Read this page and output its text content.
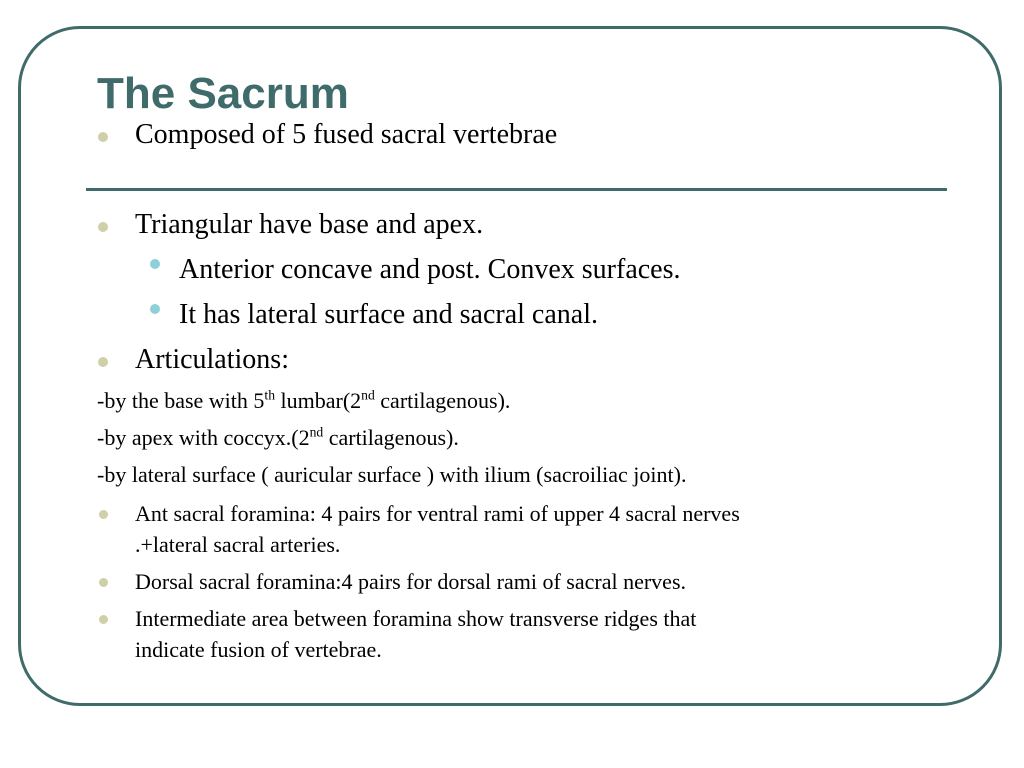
The Sacrum
Composed of 5 fused sacral vertebrae
Triangular have base and apex.
Anterior concave and post. Convex surfaces.
It has lateral surface and sacral canal.
Articulations:
-by the base with 5th lumbar(2nd cartilagenous).
-by apex with coccyx.(2nd cartilagenous).
-by lateral surface ( auricular surface ) with ilium (sacroiliac joint).
Ant sacral foramina: 4 pairs for ventral rami of upper 4 sacral nerves
.+lateral sacral arteries.
Dorsal sacral foramina:4 pairs for dorsal rami of sacral nerves.
Intermediate area between foramina show transverse ridges that
indicate fusion of vertebrae.
